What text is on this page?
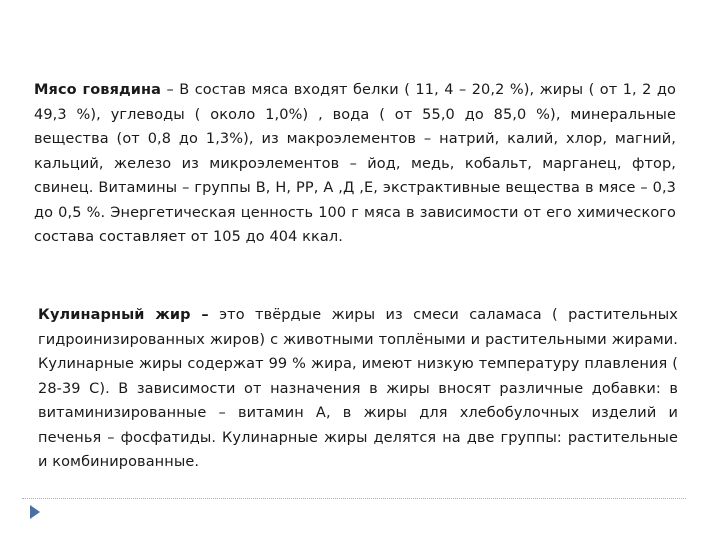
Мясо говядина – В состав мяса входят белки ( 11, 4 – 20,2 %), жиры ( от 1, 2 до 49,3 %), углеводы ( около 1,0%) , вода ( от 55,0 до 85,0 %), минеральные вещества (от 0,8 до 1,3%), из макроэлементов – натрий, калий, хлор, магний, кальций, железо из микроэлементов – йод, медь, кобальт, марганец, фтор, свинец. Витамины – группы В, Н, РР, А ,Д ,Е, экстрактивные вещества в мясе – 0,3 до 0,5 %. Энергетическая ценность 100 г мяса в зависимости от его химического состава составляет от 105 до 404 ккал.

Кулинарный жир – это твёрдые жиры из смеси саламаса ( растительных гидроинизированных жиров) с животными топлёными и растительными жирами. Кулинарные жиры содержат 99 % жира, имеют низкую температуру плавления ( 28-39 С). В зависимости от назначения в жиры вносят различные добавки: в витаминизированные – витамин А, в жиры для хлебобулочных изделий и печенья – фосфатиды. Кулинарные жиры делятся на две группы: растительные и комбинированные.
